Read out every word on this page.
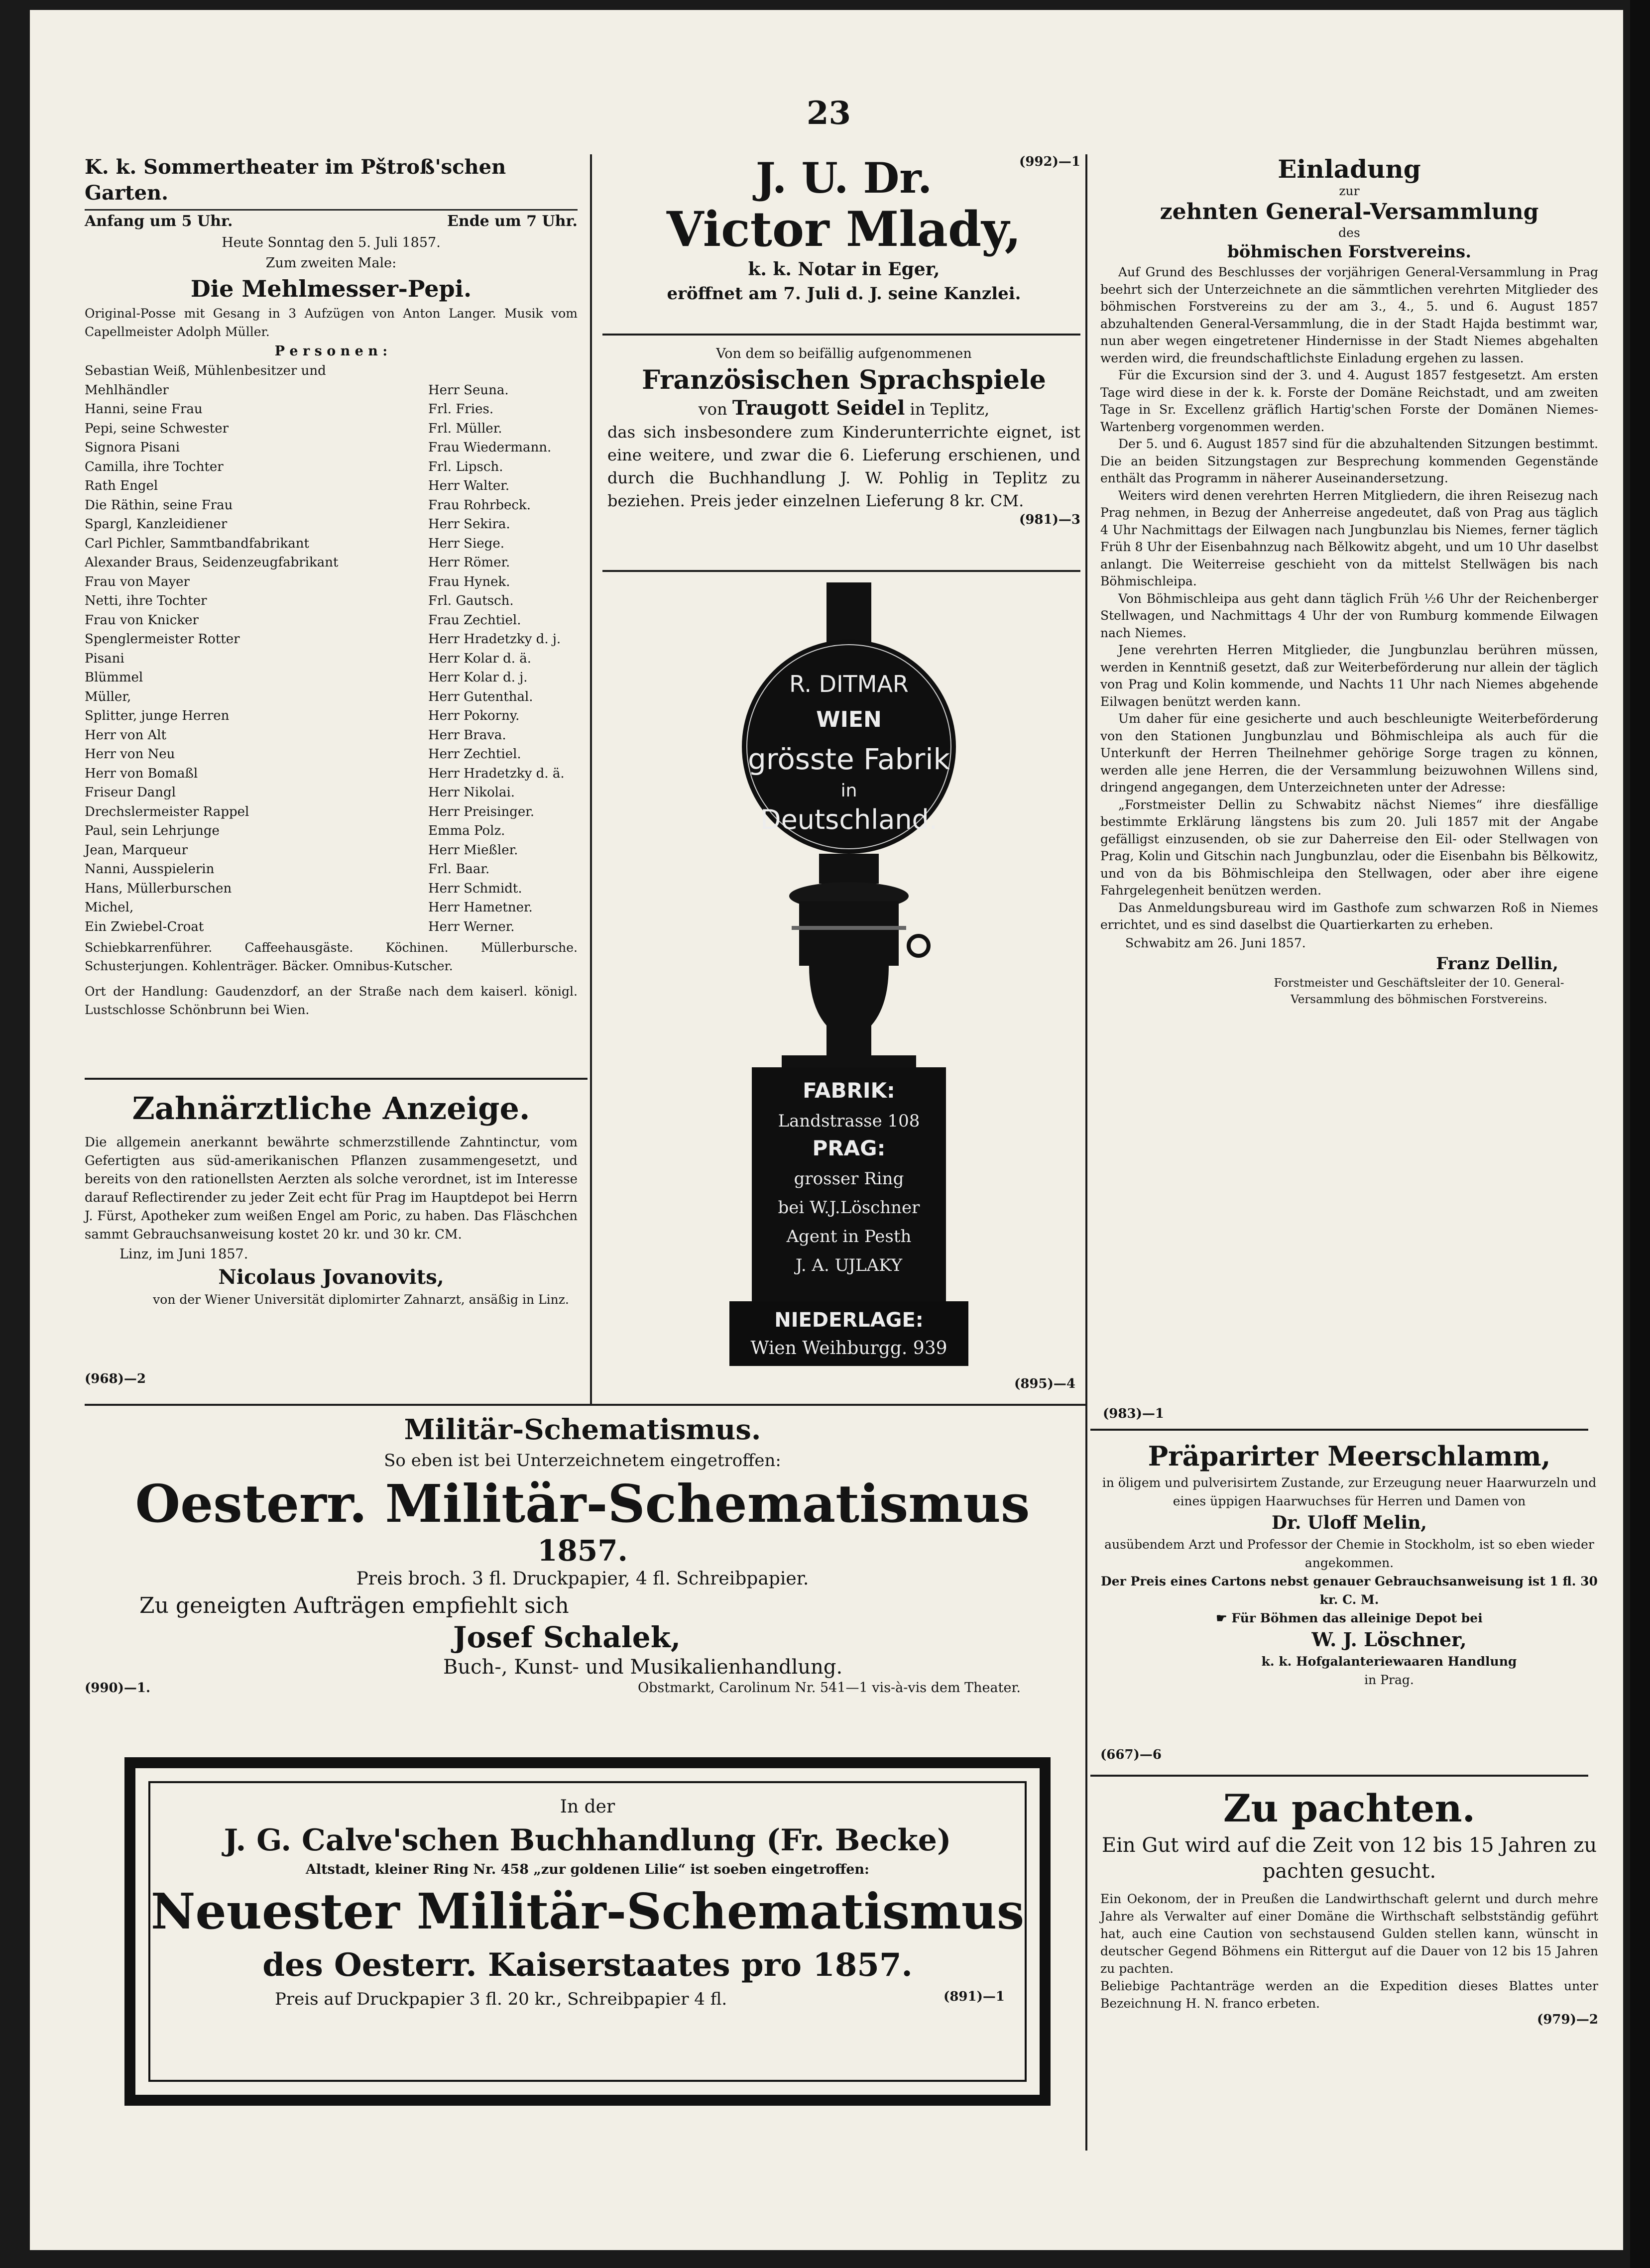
23
K. k. Sommertheater im Pštroß'schen Garten.
Anfang um 5 Uhr.	Ende um 7 Uhr.
Heute Sonntag den 5. Juli 1857.
Zum zweiten Male:
Die Mehlmesser-Pepi.
Original-Posse mit Gesang in 3 Aufzügen von Anton Langer. Musik vom Capellmeister Adolph Müller.
P e r s o n e n :
Sebastian Weiß, Mühlenbesitzer und
Mehlhändler	Herr Seuna.
Hanni, seine Frau	Frl. Fries.
Pepi, seine Schwester	Frl. Müller.
Signora Pisani	Frau Wiedermann.
Camilla, ihre Tochter	Frl. Lipsch.
Rath Engel	Herr Walter.
Die Räthin, seine Frau	Frau Rohrbeck.
Spargl, Kanzleidiener	Herr Sekira.
Carl Pichler, Sammtbandfabrikant	Herr Siege.
Alexander Braus, Seidenzeugfabrikant	Herr Römer.
Frau von Mayer	Frau Hynek.
Netti, ihre Tochter	Frl. Gautsch.
Frau von Knicker	Frau Zechtiel.
Spenglermeister Rotter	Herr Hradetzky d. j.
Pisani	Herr Kolar d. ä.
Blümmel	Herr Kolar d. j.
Müller,	Herr Gutenthal.
Splitter, junge Herren	Herr Pokorny.
Herr von Alt	Herr Brava.
Herr von Neu	Herr Zechtiel.
Herr von Bomaßl	Herr Hradetzky d. ä.
Friseur Dangl	Herr Nikolai.
Drechslermeister Rappel	Herr Preisinger.
Paul, sein Lehrjunge	Emma Polz.
Jean, Marqueur	Herr Mießler.
Nanni, Ausspielerin	Frl. Baar.
Hans, Müllerburschen	Herr Schmidt.
Michel,	Herr Hametner.
Ein Zwiebel-Croat	Herr Werner.
Schiebkarrenführer. Caffeehausgäste. Köchinen. Müllerbursche. Schusterjungen. Kohlenträger. Bäcker. Omnibus-Kutscher.
Ort der Handlung: Gaudenzdorf, an der Straße nach dem kaiserl. königl. Lustschlosse Schönbrunn bei Wien.
Zahnärztliche Anzeige.
Die allgemein anerkannt bewährte schmerzstillende Zahntinctur, vom Gefertigten aus süd-amerikanischen Pflanzen zusammengesetzt, und bereits von den rationellsten Aerzten als solche verordnet, ist im Interesse darauf Reflectirender zu jeder Zeit echt für Prag im Hauptdepot bei Herrn J. Fürst, Apotheker zum weißen Engel am Poric, zu haben. Das Fläschchen sammt Gebrauchsanweisung kostet 20 kr. und 30 kr. CM.
Linz, im Juni 1857.
Nicolaus Jovanovits,
von der Wiener Universität diplomirter Zahnarzt, ansäßig in Linz.
(968)—2
(992)—1
J. U. Dr.
Victor Mlady,
k. k. Notar in Eger,
eröffnet am 7. Juli d. J. seine Kanzlei.
Von dem so beifällig aufgenommenen
Französischen Sprachspiele
von Traugott Seidel in Teplitz,
das sich insbesondere zum Kinderunterrichte eignet, ist eine weitere, und zwar die 6. Lieferung erschienen, und durch die Buchhandlung J. W. Pohlig in Teplitz zu beziehen. Preis jeder einzelnen Lieferung 8 kr. CM.
(981)—3
R. DITMAR
WIEN
grösste Fabrik
in
Deutschland.
FABRIK:
Landstrasse 108
PRAG:
grosser Ring
bei W.J.Löschner
Agent in Pesth
J. A. UJLAKY
NIEDERLAGE:
Wien Weihburgg. 939
(895)—4
Einladung
zur
zehnten General-Versammlung
des
böhmischen Forstvereins.
Auf Grund des Beschlusses der vorjährigen General-Versammlung in Prag beehrt sich der Unterzeichnete an die sämmtlichen verehrten Mitglieder des böhmischen Forstvereins zu der am 3., 4., 5. und 6. August 1857 abzuhaltenden General-Versammlung, die in der Stadt Hajda bestimmt war, nun aber wegen eingetretener Hindernisse in der Stadt Niemes abgehalten werden wird, die freundschaftlichste Einladung ergehen zu lassen.
Für die Excursion sind der 3. und 4. August 1857 festgesetzt. Am ersten Tage wird diese in der k. k. Forste der Domäne Reichstadt, und am zweiten Tage in Sr. Excellenz gräflich Hartig'schen Forste der Domänen Niemes-Wartenberg vorgenommen werden.
Der 5. und 6. August 1857 sind für die abzuhaltenden Sitzungen bestimmt. Die an beiden Sitzungstagen zur Besprechung kommenden Gegenstände enthält das Programm in näherer Auseinandersetzung.
Weiters wird denen verehrten Herren Mitgliedern, die ihren Reisezug nach Prag nehmen, in Bezug der Anherreise angedeutet, daß von Prag aus täglich 4 Uhr Nachmittags der Eilwagen nach Jungbunzlau bis Niemes, ferner täglich Früh 8 Uhr der Eisenbahnzug nach Bělkowitz abgeht, und um 10 Uhr daselbst anlangt. Die Weiterreise geschieht von da mittelst Stellwägen bis nach Böhmischleipa.
Von Böhmischleipa aus geht dann täglich Früh ½6 Uhr der Reichenberger Stellwagen, und Nachmittags 4 Uhr der von Rumburg kommende Eilwagen nach Niemes.
Jene verehrten Herren Mitglieder, die Jungbunzlau berühren müssen, werden in Kenntniß gesetzt, daß zur Weiterbeförderung nur allein der täglich von Prag und Kolin kommende, und Nachts 11 Uhr nach Niemes abgehende Eilwagen benützt werden kann.
Um daher für eine gesicherte und auch beschleunigte Weiterbeförderung von den Stationen Jungbunzlau und Böhmischleipa als auch für die Unterkunft der Herren Theilnehmer gehörige Sorge tragen zu können, werden alle jene Herren, die der Versammlung beizuwohnen Willens sind, dringend angegangen, dem Unterzeichneten unter der Adresse:
„Forstmeister Dellin zu Schwabitz nächst Niemes“ ihre diesfällige bestimmte Erklärung längstens bis zum 20. Juli 1857 mit der Angabe gefälligst einzusenden, ob sie zur Daherreise den Eil- oder Stellwagen von Prag, Kolin und Gitschin nach Jungbunzlau, oder die Eisenbahn bis Bělkowitz, und von da bis Böhmischleipa den Stellwagen, oder aber ihre eigene Fahrgelegenheit benützen werden.
Das Anmeldungsbureau wird im Gasthofe zum schwarzen Roß in Niemes errichtet, und es sind daselbst die Quartierkarten zu erheben.
Schwabitz am 26. Juni 1857.
Franz Dellin,
Forstmeister und Geschäftsleiter der 10. General-Versammlung des böhmischen Forstvereins.
(983)—1
Präparirter Meerschlamm,
in öligem und pulverisirtem Zustande, zur Erzeugung neuer Haarwurzeln und eines üppigen Haarwuchses für Herren und Damen von
Dr. Uloff Melin,
ausübendem Arzt und Professor der Chemie in Stockholm, ist so eben wieder angekommen.
Der Preis eines Cartons nebst genauer Gebrauchsanweisung ist 1 fl. 30 kr. C. M.
☛ Für Böhmen das alleinige Depot bei
W. J. Löschner,
k. k. Hofgalanteriewaaren Handlung
in Prag.
(667)—6
Zu pachten.
Ein Gut wird auf die Zeit von 12 bis 15 Jahren zu pachten gesucht.
Ein Oekonom, der in Preußen die Landwirthschaft gelernt und durch mehre Jahre als Verwalter auf einer Domäne die Wirthschaft selbstständig geführt hat, auch eine Caution von sechstausend Gulden stellen kann, wünscht in deutscher Gegend Böhmens ein Rittergut auf die Dauer von 12 bis 15 Jahren zu pachten.
Beliebige Pachtanträge werden an die Expedition dieses Blattes unter Bezeichnung H. N. franco erbeten.
(979)—2
Militär-Schematismus.
So eben ist bei Unterzeichnetem eingetroffen:
Oesterr. Militär-Schematismus
1857.
Preis broch. 3 fl. Druckpapier, 4 fl. Schreibpapier.
Zu geneigten Aufträgen empfiehlt sich
Josef Schalek,
Buch-, Kunst- und Musikalienhandlung.
(990)—1.	Obstmarkt, Carolinum Nr. 541—1 vis-à-vis dem Theater.
In der
J. G. Calve'schen Buchhandlung (Fr. Becke)
Altstadt, kleiner Ring Nr. 458 „zur goldenen Lilie“ ist soeben eingetroffen:
Neuester Militär-Schematismus
des Oesterr. Kaiserstaates pro 1857.
Preis auf Druckpapier 3 fl. 20 kr., Schreibpapier 4 fl.	(891)—1
